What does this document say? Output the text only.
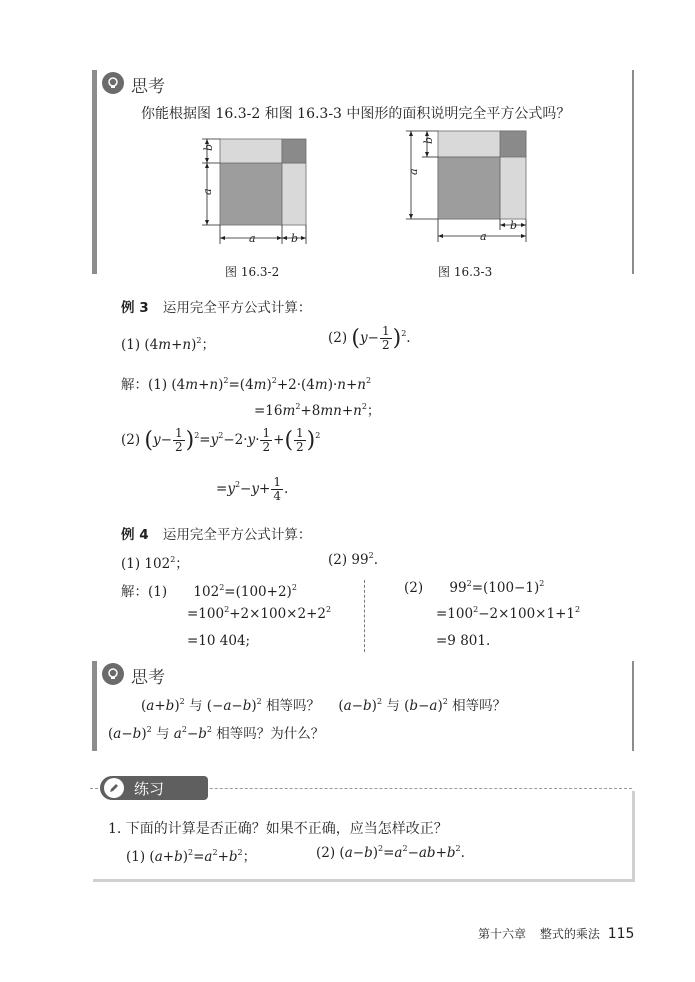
思考
你能根据图 16.3-2 和图 16.3-3 中图形的面积说明完全平方公式吗？
b
a
a	b
图 16.3-2
a
b
a
b
图 16.3-3
例 3 运用完全平方公式计算：
(1) $(4m+n)^2$；	(2) $(y- \frac{1}{2} )^2$.
解：(1) $(4m+n)^2=(4m)^2+2\cdot(4m)\cdot n+n^2$
$=16m^2+8mn+n^2$；
(2) $(y- \frac{1}{2} )^2=y^2-2\cdot y\cdot \frac{1}{2}$ +( $\frac{1}{2} )^2$
$=y^2-y+ \frac{1}{4}$ .
例 4 运用完全平方公式计算：
(1) $102^2$；	(2) $99^2$.
解：(1) $102^2=(100+2)^2$
$=100^2+2\times 100\times 2+2^2$
=10 404;
(2) $99^2=(100-1)^2$
$=100^2-2\times 100\times 1+1^2$
=9 801.
思考
$(a+b)^2$ 与 $(-a-b)^2$ 相等吗？ $(a-b)^2$ 与 $(b-a)^2$ 相等吗？
$(a-b)^2$ 与 $a^2-b^2$ 相等吗？为什么？
练习
1. 下面的计算是否正确？如果不正确，应当怎样改正？
(1) $(a+b)^2=a^2+b^2$；	(2) $(a-b)^2=a^2-ab+b^2$.
第十六章 整式的乘法 115
